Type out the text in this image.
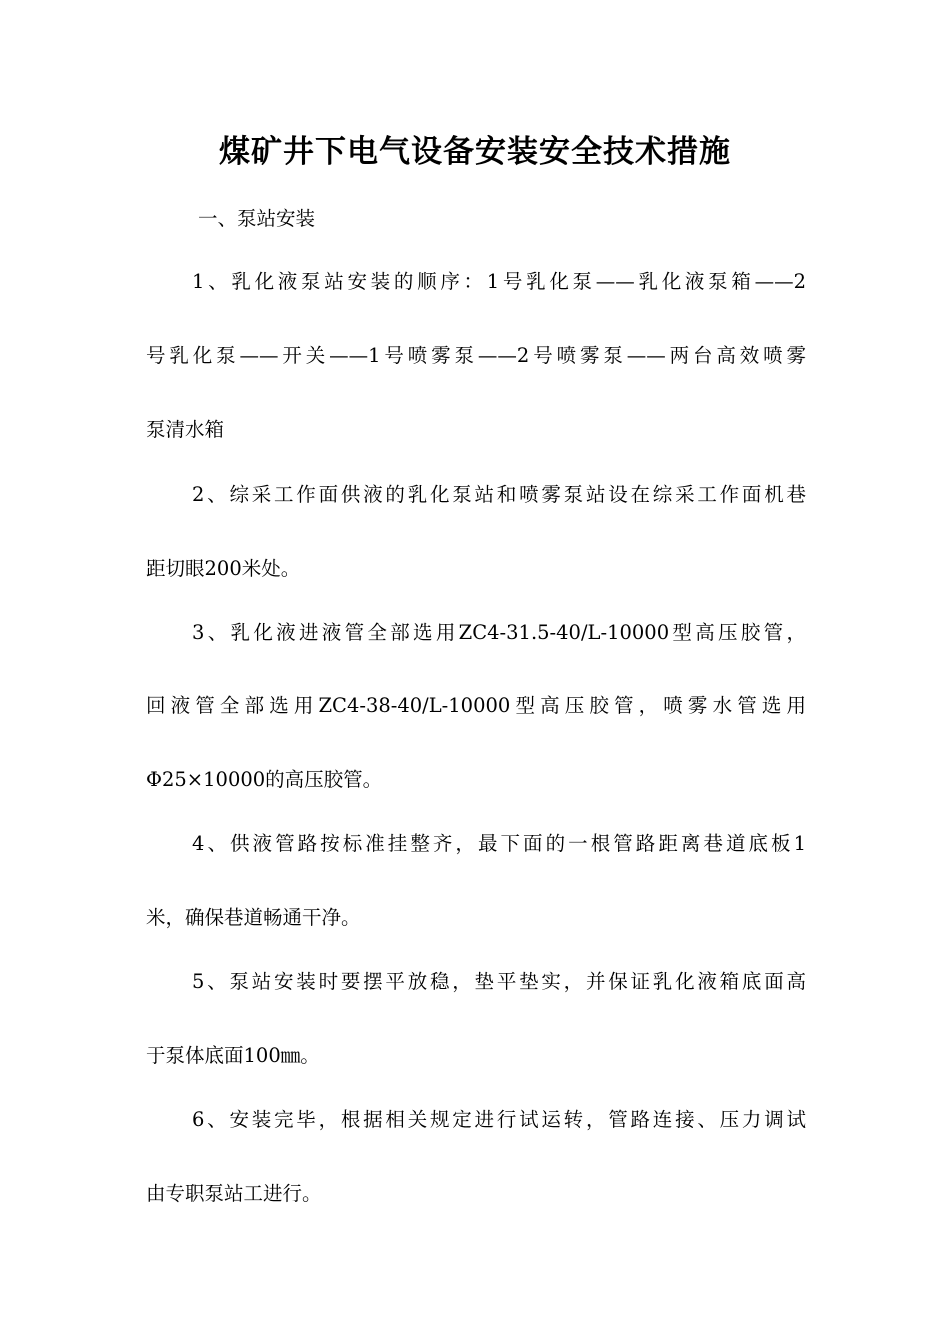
煤矿井下电气设备安装安全技术措施

一、泵站安装

1、乳化液泵站安装的顺序：1号乳化泵——乳化液泵箱——2

号乳化泵——开关——1号喷雾泵——2号喷雾泵——两台高效喷雾

泵清水箱

2、综采工作面供液的乳化泵站和喷雾泵站设在综采工作面机巷

距切眼200米处。

3、乳化液进液管全部选用ZC4-31.5-40/L-10000型高压胶管，

回液管全部选用ZC4-38-40/L-10000型高压胶管，喷雾水管选用

Φ25×10000的高压胶管。

4、供液管路按标准挂整齐，最下面的一根管路距离巷道底板1

米，确保巷道畅通干净。

5、泵站安装时要摆平放稳，垫平垫实，并保证乳化液箱底面高

于泵体底面100㎜。

6、安装完毕，根据相关规定进行试运转，管路连接、压力调试

由专职泵站工进行。
